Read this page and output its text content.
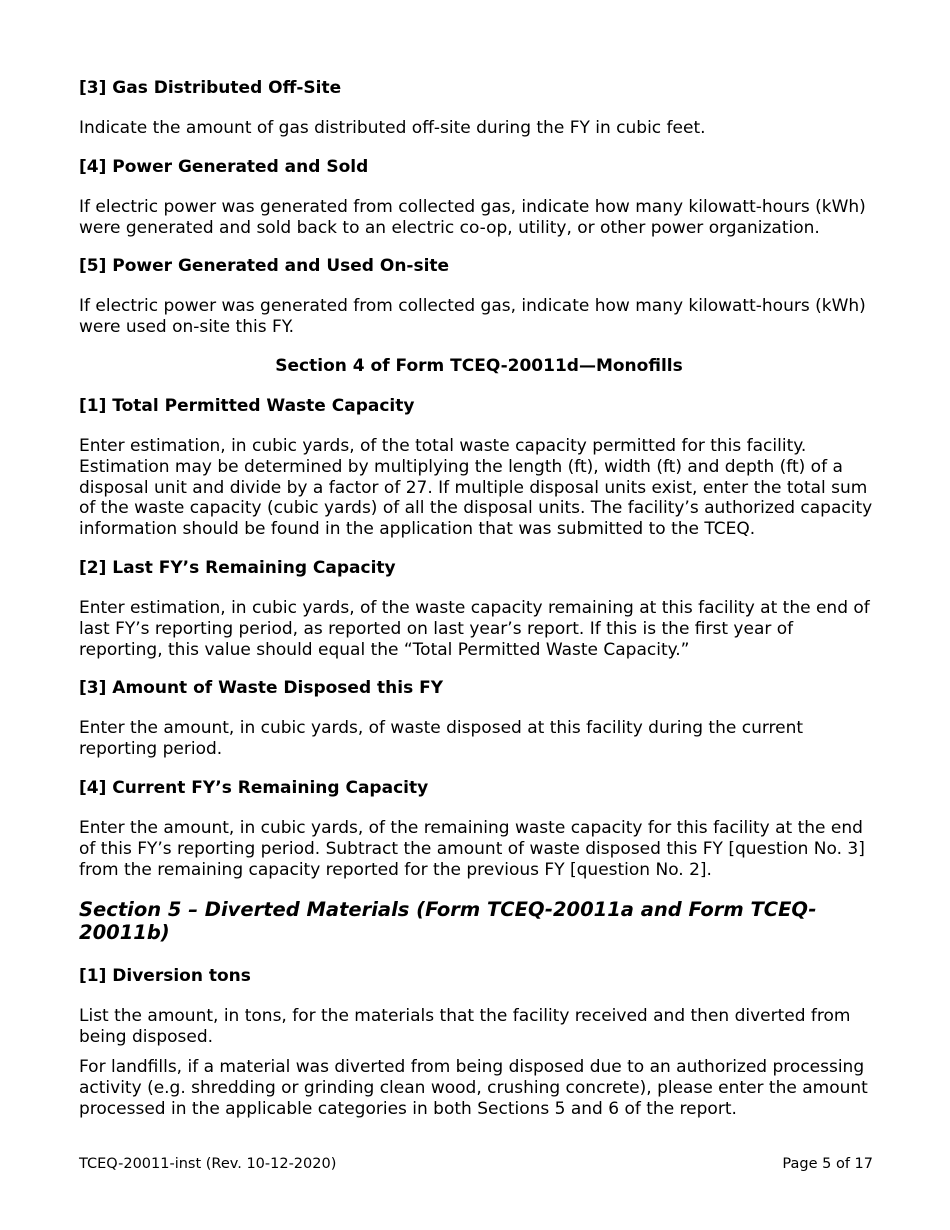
[3] Gas Distributed Off-Site

Indicate the amount of gas distributed off-site during the FY in cubic feet.

[4] Power Generated and Sold

If electric power was generated from collected gas, indicate how many kilowatt-hours (kWh) were generated and sold back to an electric co-op, utility, or other power organization.

[5] Power Generated and Used On-site

If electric power was generated from collected gas, indicate how many kilowatt-hours (kWh) were used on-site this FY.

Section 4 of Form TCEQ-20011d—Monofills
[1] Total Permitted Waste Capacity

Enter estimation, in cubic yards, of the total waste capacity permitted for this facility. Estimation may be determined by multiplying the length (ft), width (ft) and depth (ft) of a disposal unit and divide by a factor of 27. If multiple disposal units exist, enter the total sum of the waste capacity (cubic yards) of all the disposal units. The facility’s authorized capacity information should be found in the application that was submitted to the TCEQ.

[2] Last FY’s Remaining Capacity

Enter estimation, in cubic yards, of the waste capacity remaining at this facility at the end of last FY’s reporting period, as reported on last year’s report. If this is the first year of reporting, this value should equal the “Total Permitted Waste Capacity.”

[3] Amount of Waste Disposed this FY

Enter the amount, in cubic yards, of waste disposed at this facility during the current reporting period.

[4] Current FY’s Remaining Capacity

Enter the amount, in cubic yards, of the remaining waste capacity for this facility at the end of this FY’s reporting period. Subtract the amount of waste disposed this FY [question No. 3] from the remaining capacity reported for the previous FY [question No. 2].

Section 5 – Diverted Materials (Form TCEQ-20011a and Form TCEQ-20011b)
[1] Diversion tons

List the amount, in tons, for the materials that the facility received and then diverted from being disposed.

For landfills, if a material was diverted from being disposed due to an authorized processing activity (e.g. shredding or grinding clean wood, crushing concrete), please enter the amount processed in the applicable categories in both Sections 5 and 6 of the report.

TCEQ-20011-inst (Rev. 10-12-2020)	Page 5 of 17
